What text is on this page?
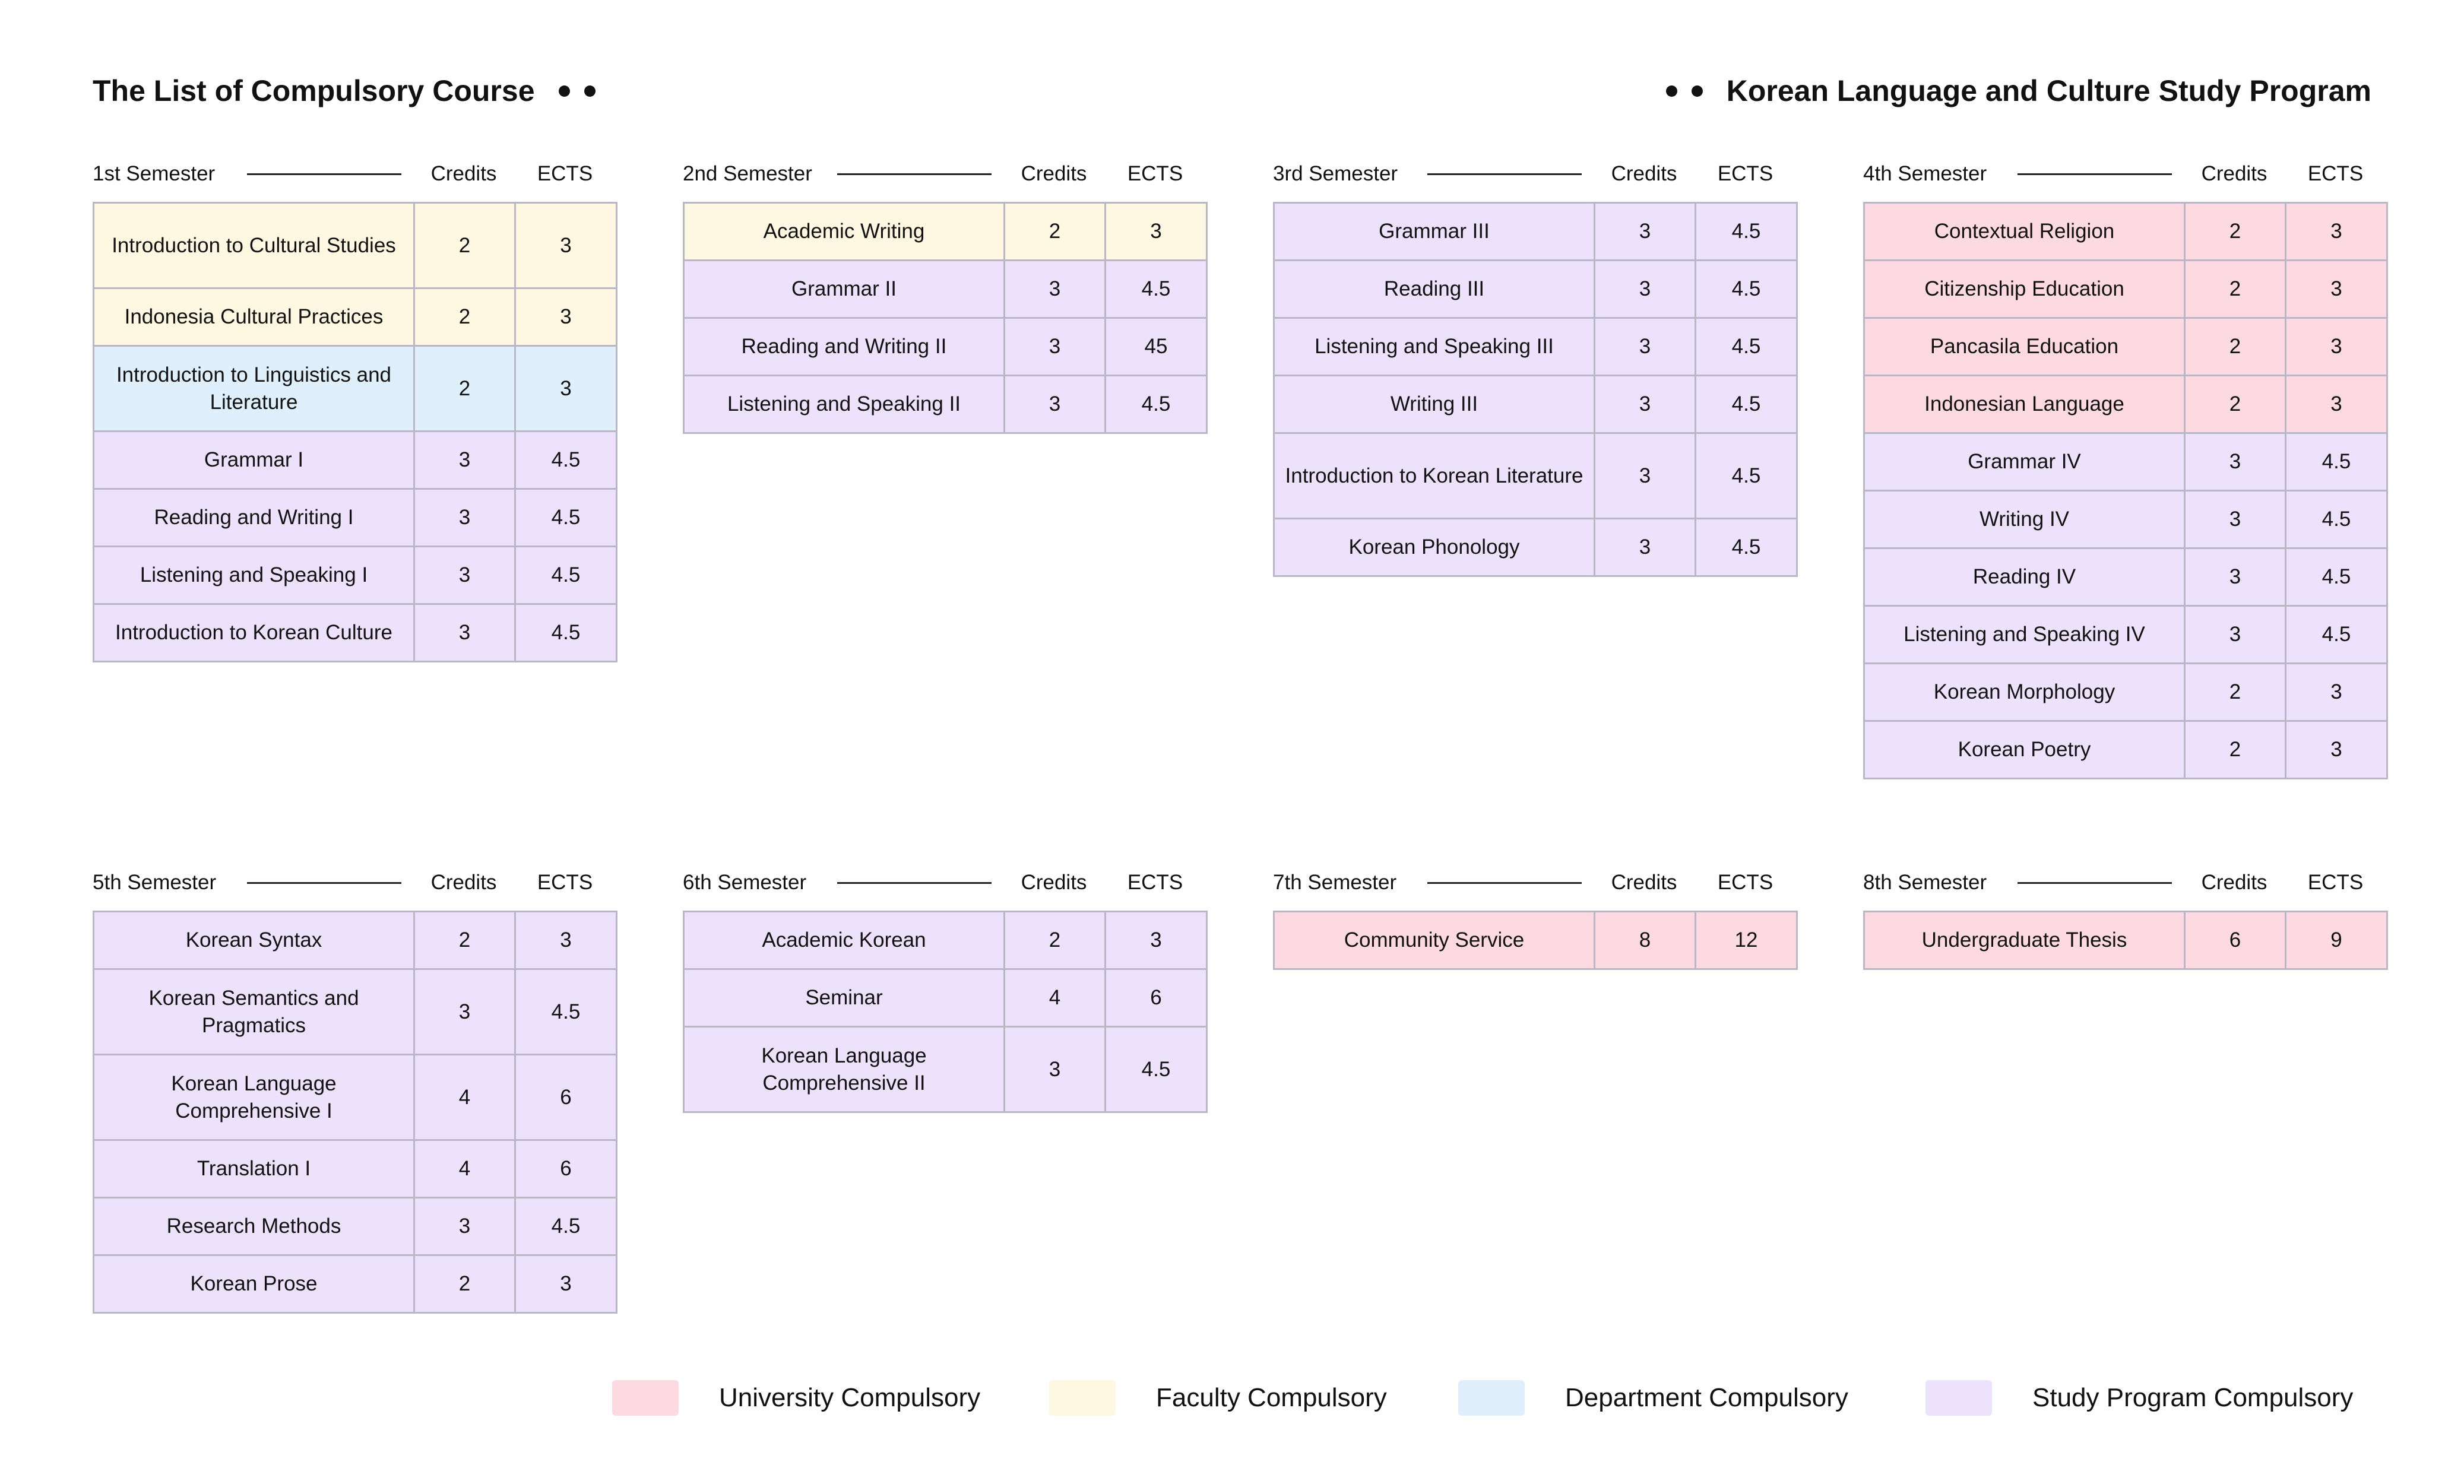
The List of Compulsory Course	Korean Language and Culture Study Program
1st Semester	Credits	ECTS
Introduction to Cultural Studies	2	3
Indonesia Cultural Practices	2	3
Introduction to Linguistics and Literature	2	3
Grammar I	3	4.5
Reading and Writing I	3	4.5
Listening and Speaking I	3	4.5
Introduction to Korean Culture	3	4.5
2nd Semester	Credits	ECTS
Academic Writing	2	3
Grammar II	3	4.5
Reading and Writing II	3	45
Listening and Speaking II	3	4.5
3rd Semester	Credits	ECTS
Grammar III	3	4.5
Reading III	3	4.5
Listening and Speaking III	3	4.5
Writing III	3	4.5
Introduction to Korean Literature	3	4.5
Korean Phonology	3	4.5
4th Semester	Credits	ECTS
Contextual Religion	2	3
Citizenship Education	2	3
Pancasila Education	2	3
Indonesian Language	2	3
Grammar IV	3	4.5
Writing IV	3	4.5
Reading IV	3	4.5
Listening and Speaking IV	3	4.5
Korean Morphology	2	3
Korean Poetry	2	3
5th Semester	Credits	ECTS
Korean Syntax	2	3
Korean Semantics and Pragmatics	3	4.5
Korean Language Comprehensive I	4	6
Translation I	4	6
Research Methods	3	4.5
Korean Prose	2	3
6th Semester	Credits	ECTS
Academic Korean	2	3
Seminar	4	6
Korean Language Comprehensive II	3	4.5
7th Semester	Credits	ECTS
Community Service	8	12
8th Semester	Credits	ECTS
Undergraduate Thesis	6	9
University Compulsory	Faculty Compulsory	Department Compulsory	Study Program Compulsory
